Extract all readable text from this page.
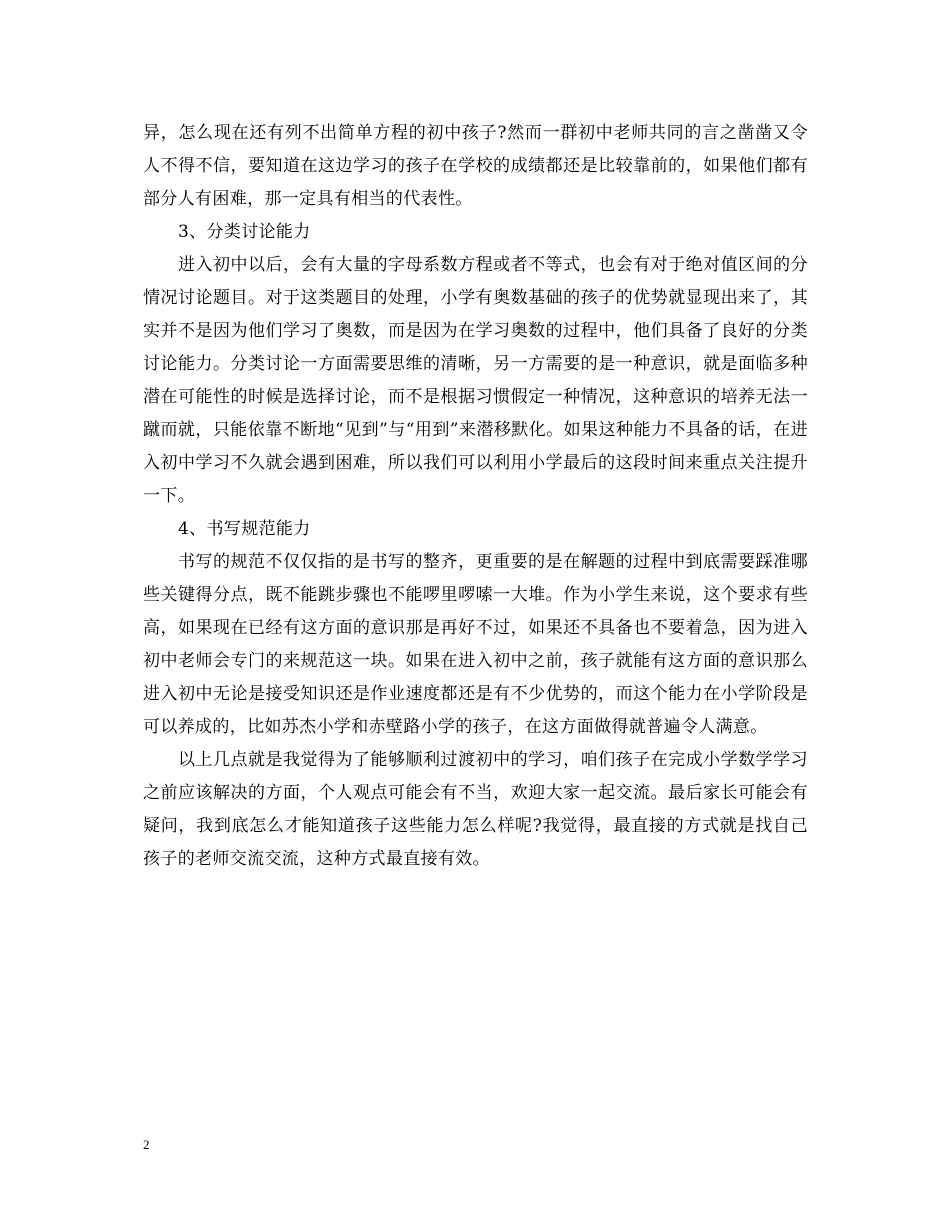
异，怎么现在还有列不出简单方程的初中孩子?然而一群初中老师共同的言之凿凿又令人不得不信，要知道在这边学习的孩子在学校的成绩都还是比较靠前的，如果他们都有部分人有困难，那一定具有相当的代表性。

3、分类讨论能力

进入初中以后，会有大量的字母系数方程或者不等式，也会有对于绝对值区间的分情况讨论题目。对于这类题目的处理，小学有奥数基础的孩子的优势就显现出来了，其实并不是因为他们学习了奥数，而是因为在学习奥数的过程中，他们具备了良好的分类讨论能力。分类讨论一方面需要思维的清晰，另一方需要的是一种意识，就是面临多种潜在可能性的时候是选择讨论，而不是根据习惯假定一种情况，这种意识的培养无法一蹴而就，只能依靠不断地“见到”与“用到”来潜移默化。如果这种能力不具备的话，在进入初中学习不久就会遇到困难，所以我们可以利用小学最后的这段时间来重点关注提升一下。

4、书写规范能力

书写的规范不仅仅指的是书写的整齐，更重要的是在解题的过程中到底需要踩准哪些关键得分点，既不能跳步骤也不能啰里啰嗦一大堆。作为小学生来说，这个要求有些高，如果现在已经有这方面的意识那是再好不过，如果还不具备也不要着急，因为进入初中老师会专门的来规范这一块。如果在进入初中之前，孩子就能有这方面的意识那么进入初中无论是接受知识还是作业速度都还是有不少优势的，而这个能力在小学阶段是可以养成的，比如苏杰小学和赤壁路小学的孩子，在这方面做得就普遍令人满意。

以上几点就是我觉得为了能够顺利过渡初中的学习，咱们孩子在完成小学数学学习之前应该解决的方面，个人观点可能会有不当，欢迎大家一起交流。最后家长可能会有疑问，我到底怎么才能知道孩子这些能力怎么样呢?我觉得，最直接的方式就是找自己孩子的老师交流交流，这种方式最直接有效。

2
